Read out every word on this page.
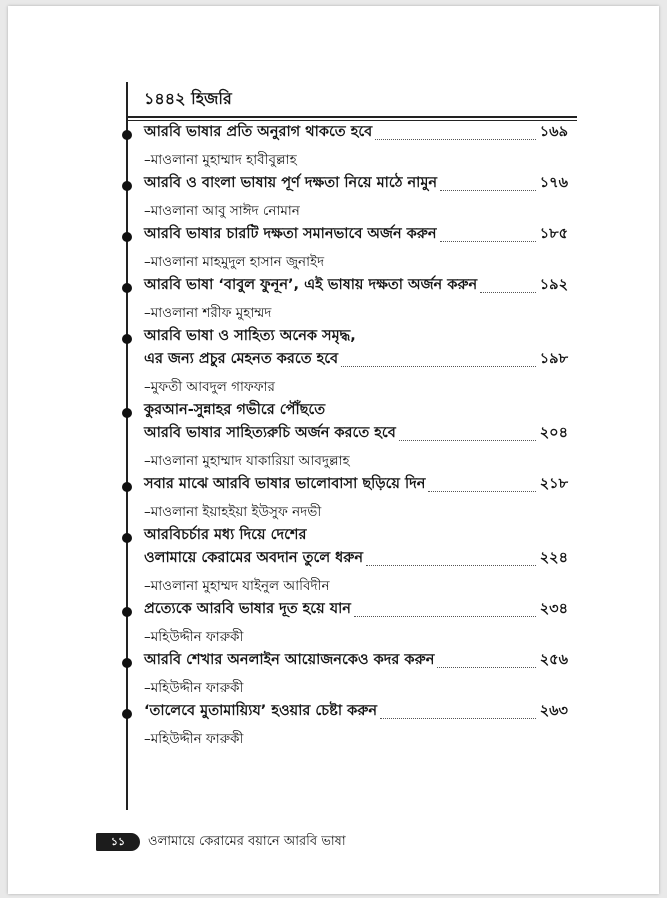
১৪৪২ হিজরি
আরবি ভাষার প্রতি অনুরাগ থাকতে হবে	১৬৯
–মাওলানা মুহাম্মাদ হাবীবুল্লাহ
আরবি ও বাংলা ভাষায় পূর্ণ দক্ষতা নিয়ে মাঠে নামুন	১৭৬
–মাওলানা আবু সাঈদ নোমান
আরবি ভাষার চারটি দক্ষতা সমানভাবে অর্জন করুন	১৮৫
–মাওলানা মাহমুদুল হাসান জুনাইদ
আরবি ভাষা ‘বাবুল ফুনূন’, এই ভাষায় দক্ষতা অর্জন করুন	১৯২
–মাওলানা শরীফ মুহাম্মদ
আরবি ভাষা ও সাহিত্য অনেক সমৃদ্ধ,
এর জন্য প্রচুর মেহনত করতে হবে	১৯৮
–মুফতী আবদুল গাফফার
কুরআন-সুন্নাহর গভীরে পৌঁছতে
আরবি ভাষার সাহিত্যরুচি অর্জন করতে হবে	২০৪
–মাওলানা মুহাম্মাদ যাকারিয়া আবদুল্লাহ
সবার মাঝে আরবি ভাষার ভালোবাসা ছড়িয়ে দিন	২১৮
–মাওলানা ইয়াহইয়া ইউসুফ নদভী
আরবিচর্চার মধ্য দিয়ে দেশের
ওলামায়ে কেরামের অবদান তুলে ধরুন	২২৪
–মাওলানা মুহাম্মদ যাইনুল আবিদীন
প্রত্যেকে আরবি ভাষার দূত হয়ে যান	২৩৪
–মহিউদ্দীন ফারুকী
আরবি শেখার অনলাইন আয়োজনকেও কদর করুন	২৫৬
–মহিউদ্দীন ফারুকী
‘তালেবে মুতামায়্যিয’ হওয়ার চেষ্টা করুন	২৬৩
–মহিউদ্দীন ফারুকী
১১	ওলামায়ে কেরামের বয়ানে আরবি ভাষা
